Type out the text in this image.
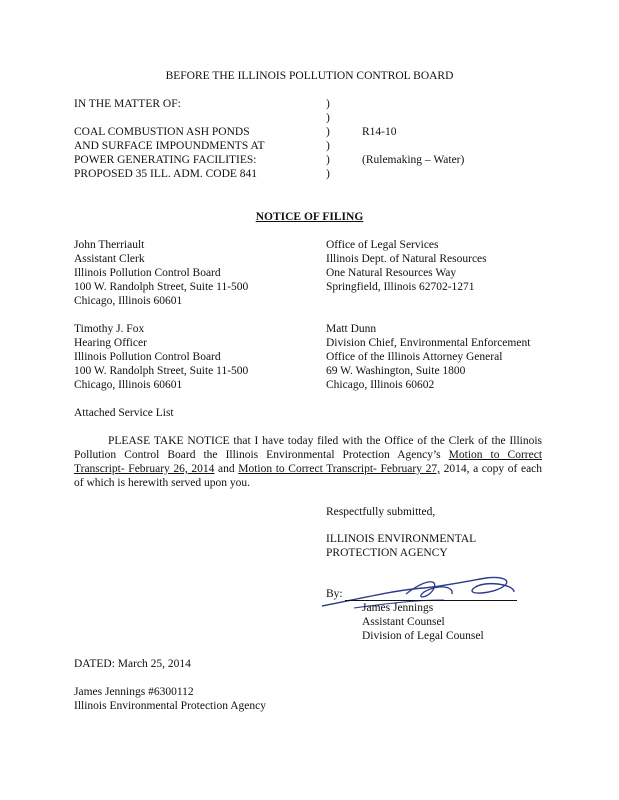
BEFORE THE ILLINOIS POLLUTION CONTROL BOARD
IN THE MATTER OF:
COAL COMBUSTION ASH PONDS
AND SURFACE IMPOUNDMENTS AT
POWER GENERATING FACILITIES:
PROPOSED 35 ILL. ADM. CODE 841
)
)
)
)
)
)
R14-10
(Rulemaking – Water)
NOTICE OF FILING
John Therriault
Assistant Clerk
Illinois Pollution Control Board
100 W. Randolph Street, Suite 11-500
Chicago, Illinois 60601
Office of Legal Services
Illinois Dept. of Natural Resources
One Natural Resources Way
Springfield, Illinois 62702-1271
Timothy J. Fox
Hearing Officer
Illinois Pollution Control Board
100 W. Randolph Street, Suite 11-500
Chicago, Illinois 60601
Matt Dunn
Division Chief, Environmental Enforcement
Office of the Illinois Attorney General
69 W. Washington, Suite 1800
Chicago, Illinois 60602
Attached Service List
PLEASE TAKE NOTICE that I have today filed with the Office of the Clerk of the Illinois Pollution Control Board the Illinois Environmental Protection Agency’s Motion to Correct Transcript- February 26, 2014 and Motion to Correct Transcript- February 27, 2014, a copy of each of which is herewith served upon you.
Respectfully submitted,
ILLINOIS ENVIRONMENTAL
PROTECTION AGENCY
By:
James Jennings
Assistant Counsel
Division of Legal Counsel
DATED: March 25, 2014
James Jennings #6300112
Illinois Environmental Protection Agency
